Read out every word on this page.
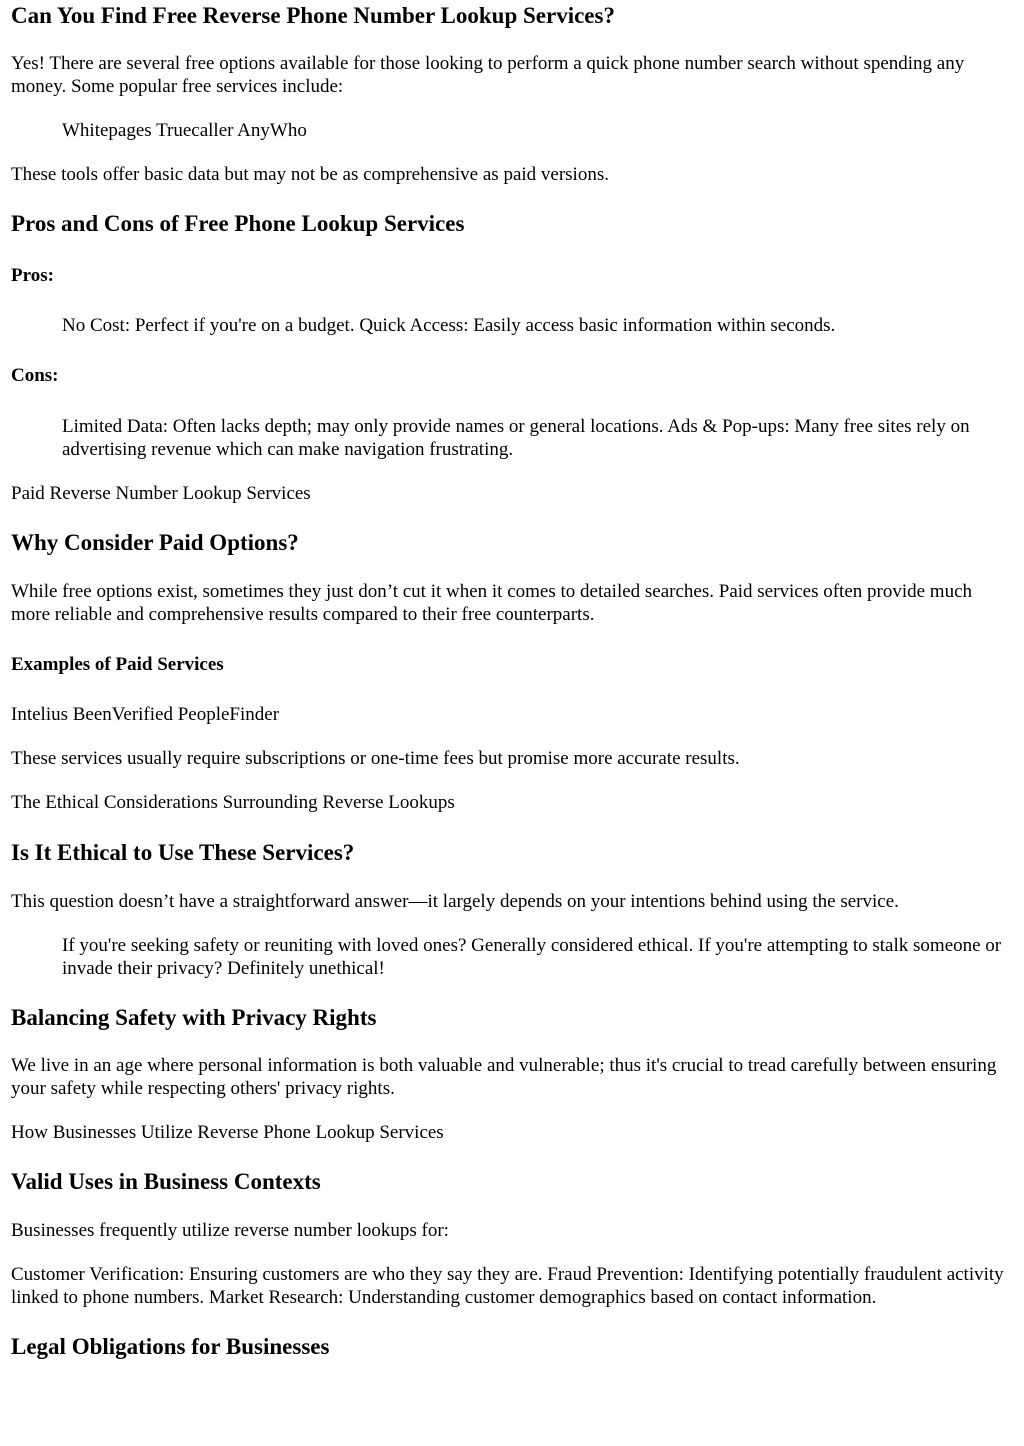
Can You Find Free Reverse Phone Number Lookup Services?

Yes! There are several free options available for those looking to perform a quick phone number search without spending any money. Some popular free services include:

Whitepages Truecaller AnyWho

These tools offer basic data but may not be as comprehensive as paid versions.

Pros and Cons of Free Phone Lookup Services
Pros:

No Cost: Perfect if you're on a budget. Quick Access: Easily access basic information within seconds.

Cons:

Limited Data: Often lacks depth; may only provide names or general locations. Ads & Pop-ups: Many free sites rely on advertising revenue which can make navigation frustrating.

Paid Reverse Number Lookup Services

Why Consider Paid Options?

While free options exist, sometimes they just don’t cut it when it comes to detailed searches. Paid services often provide much more reliable and comprehensive results compared to their free counterparts.

Examples of Paid Services

Intelius BeenVerified PeopleFinder

These services usually require subscriptions or one-time fees but promise more accurate results.

The Ethical Considerations Surrounding Reverse Lookups

Is It Ethical to Use These Services?

This question doesn’t have a straightforward answer—it largely depends on your intentions behind using the service.

If you're seeking safety or reuniting with loved ones? Generally considered ethical. If you're attempting to stalk someone or invade their privacy? Definitely unethical!

Balancing Safety with Privacy Rights

We live in an age where personal information is both valuable and vulnerable; thus it's crucial to tread carefully between ensuring your safety while respecting others' privacy rights.

How Businesses Utilize Reverse Phone Lookup Services

Valid Uses in Business Contexts

Businesses frequently utilize reverse number lookups for:

Customer Verification: Ensuring customers are who they say they are. Fraud Prevention: Identifying potentially fraudulent activity linked to phone numbers. Market Research: Understanding customer demographics based on contact information.

Legal Obligations for Businesses
